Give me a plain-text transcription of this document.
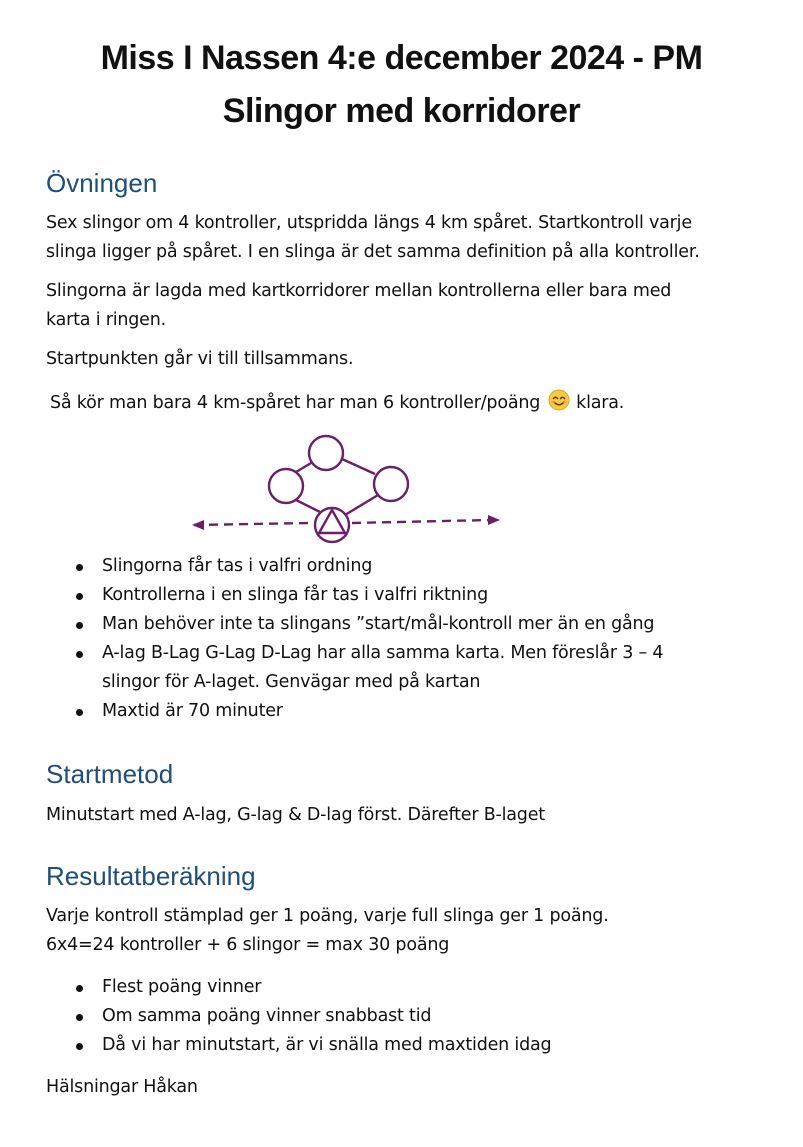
Miss I Nassen 4:e december 2024 - PM
Slingor med korridorer
Övningen
Sex slingor om 4 kontroller, utspridda längs 4 km spåret. Startkontroll varje
slinga ligger på spåret. I en slinga är det samma definition på alla kontroller.
Slingorna är lagda med kartkorridorer mellan kontrollerna eller bara med
karta i ringen.
Startpunkten går vi till tillsammans.
Så kör man bara 4 km-spåret har man 6 kontroller/poäng klara.
Slingorna får tas i valfri ordning
Kontrollerna i en slinga får tas i valfri riktning
Man behöver inte ta slingans ”start/mål-kontroll mer än en gång
A-lag B-Lag G-Lag D-Lag har alla samma karta. Men föreslår 3 – 4
slingor för A-laget. Genvägar med på kartan
Maxtid är 70 minuter
Startmetod
Minutstart med A-lag, G-lag & D-lag först. Därefter B-laget
Resultatberäkning
Varje kontroll stämplad ger 1 poäng, varje full slinga ger 1 poäng.
6x4=24 kontroller + 6 slingor = max 30 poäng
Flest poäng vinner
Om samma poäng vinner snabbast tid
Då vi har minutstart, är vi snälla med maxtiden idag
Hälsningar Håkan
